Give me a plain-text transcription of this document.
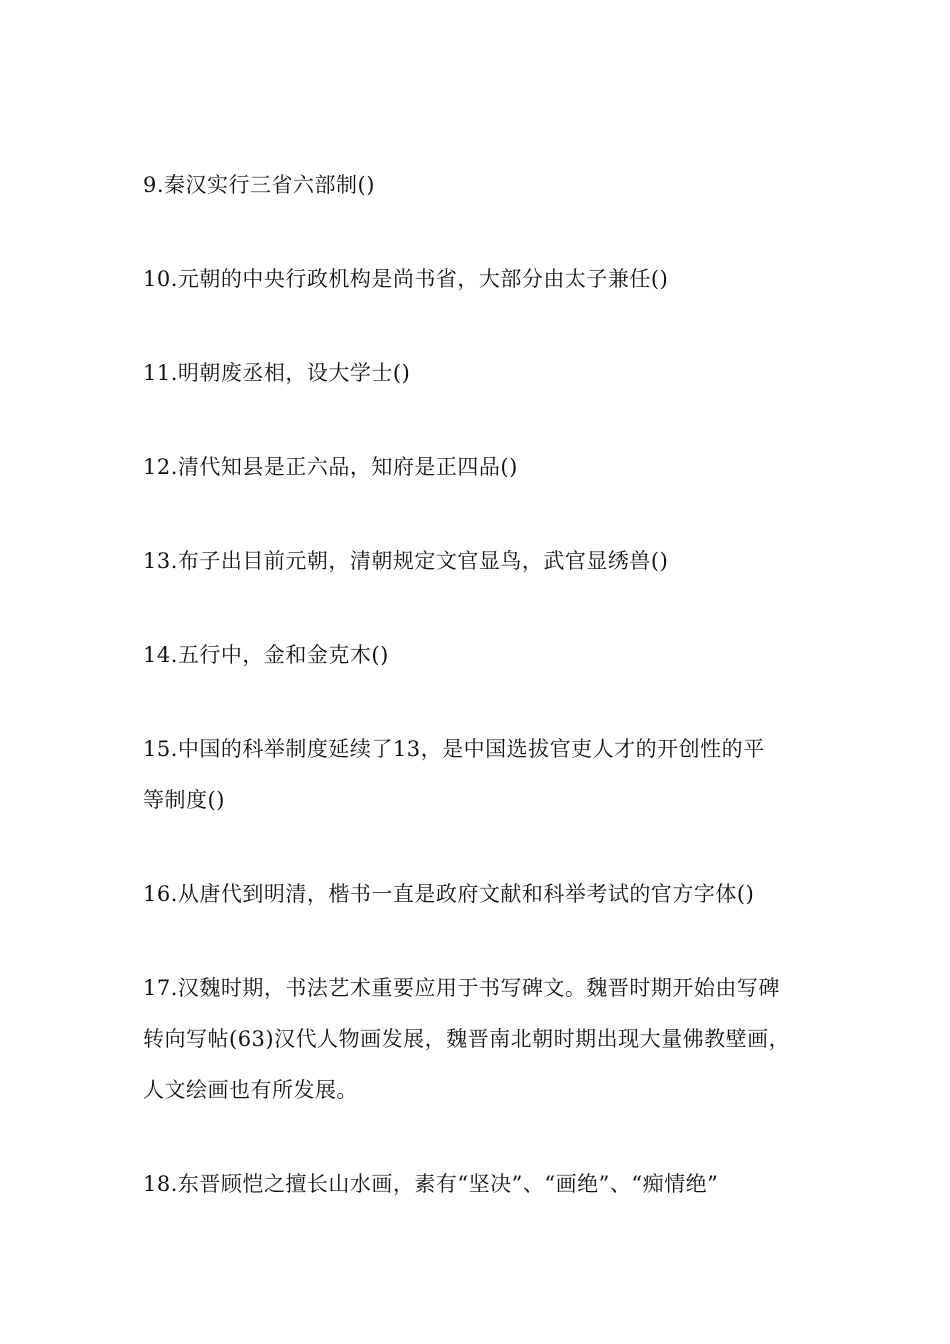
9.秦汉实行三省六部制()
10.元朝的中央行政机构是尚书省，大部分由太子兼任()
11.明朝废丞相，设大学士()
12.清代知县是正六品，知府是正四品()
13.布子出目前元朝，清朝规定文官显鸟，武官显绣兽()
14.五行中，金和金克木()
15.中国的科举制度延续了13，是中国选拔官吏人才的开创性的平
等制度()
16.从唐代到明清，楷书一直是政府文献和科举考试的官方字体()
17.汉魏时期，书法艺术重要应用于书写碑文。魏晋时期开始由写碑
转向写帖(63)汉代人物画发展，魏晋南北朝时期出现大量佛教壁画，
人文绘画也有所发展。
18.东晋顾恺之擅长山水画，素有“坚决”、“画绝”、“痴情绝”
